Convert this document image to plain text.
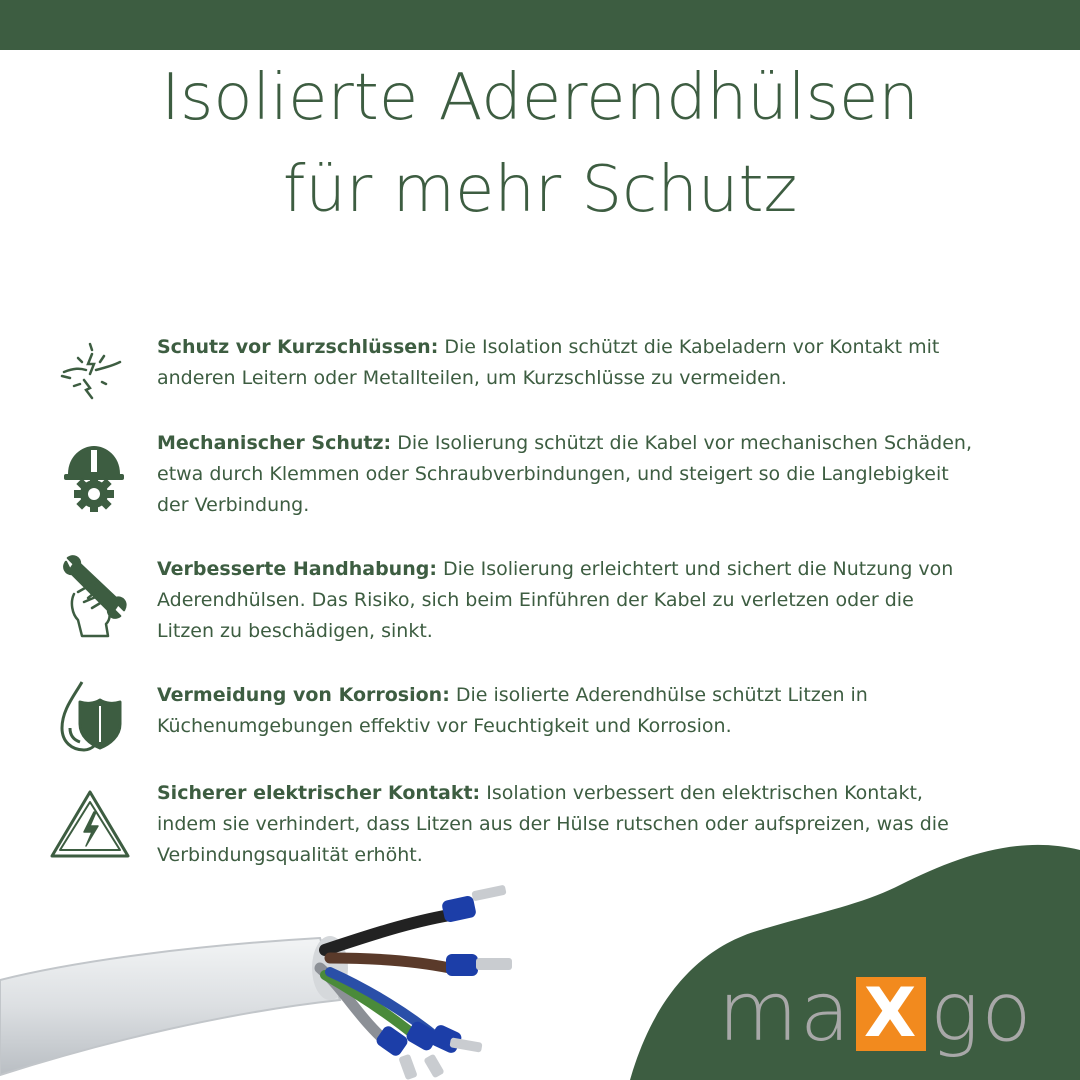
Isolierte Aderendhülsen
für mehr Schutz
Schutz vor Kurzschlüssen: Die Isolation schützt die Kabeladern vor Kontakt mit
anderen Leitern oder Metallteilen, um Kurzschlüsse zu vermeiden.
Mechanischer Schutz: Die Isolierung schützt die Kabel vor mechanischen Schäden,
etwa durch Klemmen oder Schraubverbindungen, und steigert so die Langlebigkeit
der Verbindung.
Verbesserte Handhabung: Die Isolierung erleichtert und sichert die Nutzung von
Aderendhülsen. Das Risiko, sich beim Einführen der Kabel zu verletzen oder die
Litzen zu beschädigen, sinkt.
Vermeidung von Korrosion: Die isolierte Aderendhülse schützt Litzen in
Küchenumgebungen effektiv vor Feuchtigkeit und Korrosion.
Sicherer elektrischer Kontakt: Isolation verbessert den elektrischen Kontakt,
indem sie verhindert, dass Litzen aus der Hülse rutschen oder aufspreizen, was die
Verbindungsqualität erhöht.
ma X go
